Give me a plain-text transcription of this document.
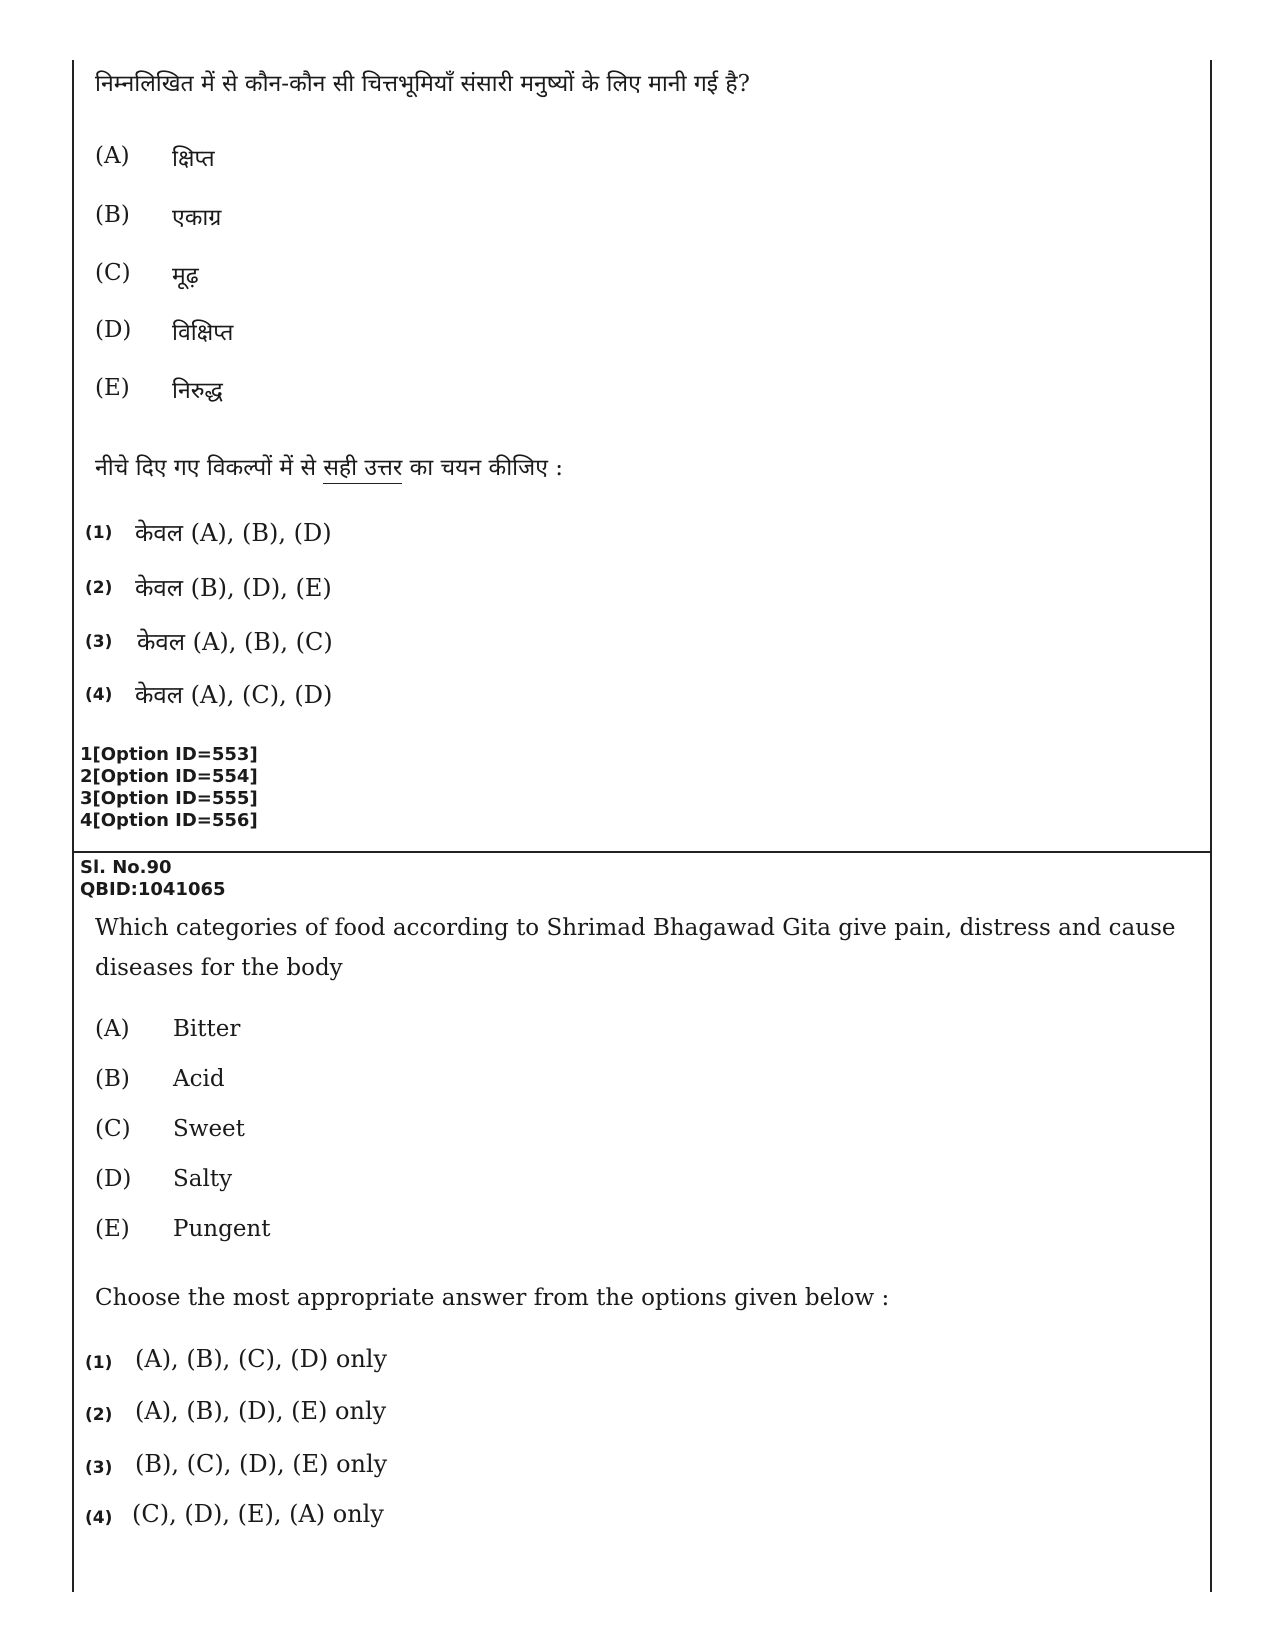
निम्नलिखित में से कौन-कौन सी चित्तभूमियाँ संसारी मनुष्यों के लिए मानी गई है?
(A) क्षिप्त
(B) एकाग्र
(C) मूढ़
(D) विक्षिप्त
(E) निरुद्ध
नीचे दिए गए विकल्पों में से सही उत्तर का चयन कीजिए :
(1) केवल (A), (B), (D)
(2) केवल (B), (D), (E)
(3) केवल (A), (B), (C)
(4) केवल (A), (C), (D)
1[Option ID=553]
2[Option ID=554]
3[Option ID=555]
4[Option ID=556]
Sl. No.90
QBID:1041065
Which categories of food according to Shrimad Bhagawad Gita give pain, distress and cause
diseases for the body
(A) Bitter
(B) Acid
(C) Sweet
(D) Salty
(E) Pungent
Choose the most appropriate answer from the options given below :
(1) (A), (B), (C), (D) only
(2) (A), (B), (D), (E) only
(3) (B), (C), (D), (E) only
(4) (C), (D), (E), (A) only
